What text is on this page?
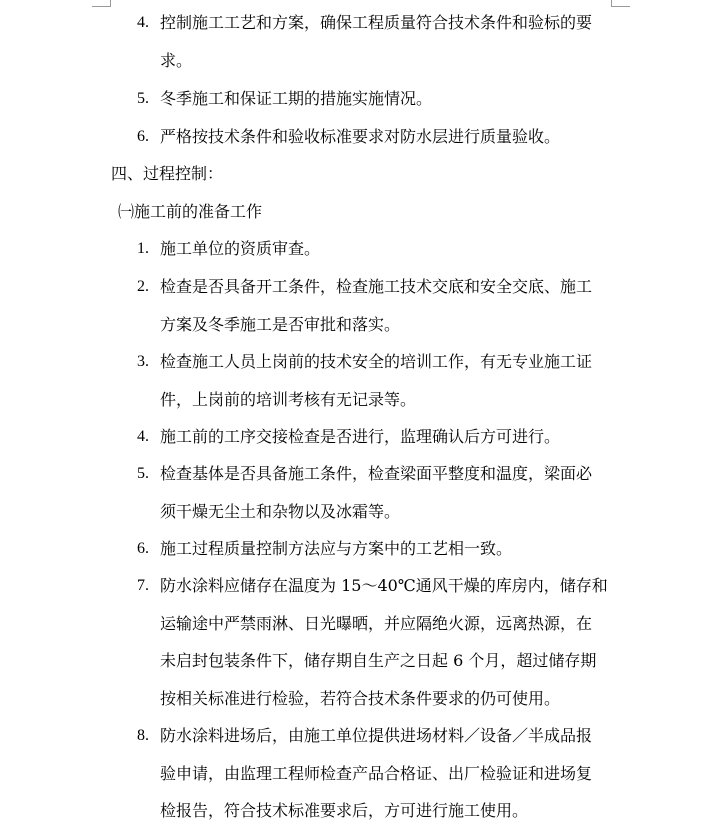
4. 控制施工工艺和方案，确保工程质量符合技术条件和验标的要
求。
5. 冬季施工和保证工期的措施实施情况。
6. 严格按技术条件和验收标准要求对防水层进行质量验收。
四、过程控制：
㈠施工前的准备工作
1. 施工单位的资质审查。
2. 检查是否具备开工条件，检查施工技术交底和安全交底、施工
方案及冬季施工是否审批和落实。
3. 检查施工人员上岗前的技术安全的培训工作，有无专业施工证
件，上岗前的培训考核有无记录等。
4. 施工前的工序交接检查是否进行，监理确认后方可进行。
5. 检查基体是否具备施工条件，检查梁面平整度和温度，梁面必
须干燥无尘土和杂物以及冰霜等。
6. 施工过程质量控制方法应与方案中的工艺相一致。
7. 防水涂料应储存在温度为 15～40℃通风干燥的库房内，储存和
运输途中严禁雨淋、日光曝晒，并应隔绝火源，远离热源，在
未启封包装条件下，储存期自生产之日起 6 个月，超过储存期
按相关标准进行检验，若符合技术条件要求的仍可使用。
8. 防水涂料进场后，由施工单位提供进场材料／设备／半成品报
验申请，由监理工程师检查产品合格证、出厂检验证和进场复
检报告，符合技术标准要求后，方可进行施工使用。
